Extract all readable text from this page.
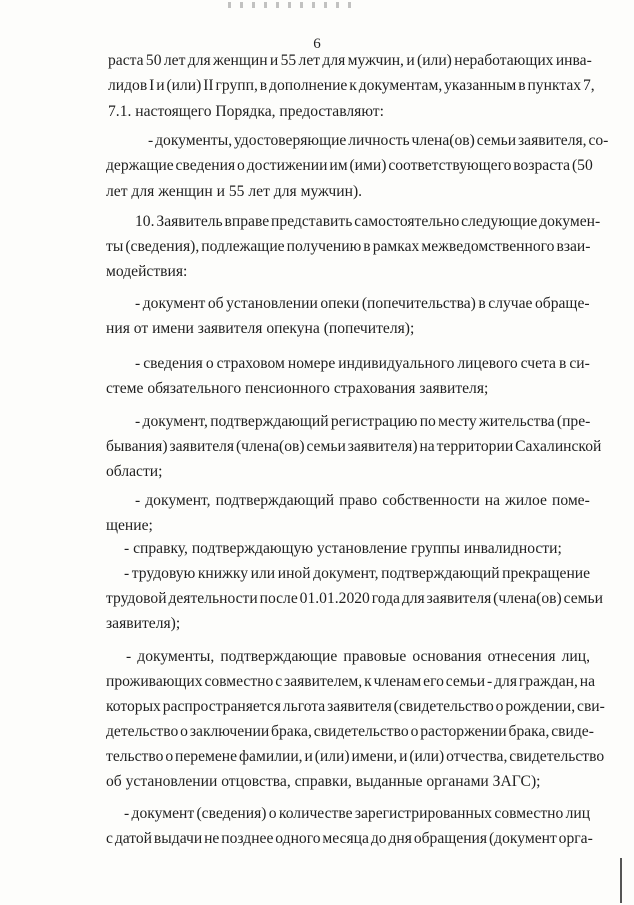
6
раста 50 лет для женщин и 55 лет для мужчин, и (или) неработающих инва-
лидов I и (или) II групп, в дополнение к документам, указанным в пунктах 7,
7.1. настоящего Порядка, предоставляют:
- документы, удостоверяющие личность члена(ов) семьи заявителя, со-
держащие сведения о достижении им (ими) соответствующего возраста (50
лет для женщин и 55 лет для мужчин).
10. Заявитель вправе представить самостоятельно следующие докумен-
ты (сведения), подлежащие получению в рамках межведомственного взаи-
модействия:
- документ об установлении опеки (попечительства) в случае обраще-
ния от имени заявителя опекуна (попечителя);
- сведения о страховом номере индивидуального лицевого счета в си-
стеме обязательного пенсионного страхования заявителя;
- документ, подтверждающий регистрацию по месту жительства (пре-
бывания) заявителя (члена(ов) семьи заявителя) на территории Сахалинской
области;
- документ, подтверждающий право собственности на жилое поме-
щение;
- справку, подтверждающую установление группы инвалидности;
- трудовую книжку или иной документ, подтверждающий прекращение
трудовой деятельности после 01.01.2020 года для заявителя (члена(ов) семьи
заявителя);
- документы, подтверждающие правовые основания отнесения лиц,
проживающих совместно с заявителем, к членам его семьи - для граждан, на
которых распространяется льгота заявителя (свидетельство о рождении, сви-
детельство о заключении брака, свидетельство о расторжении брака, свиде-
тельство о перемене фамилии, и (или) имени, и (или) отчества, свидетельство
об установлении отцовства, справки, выданные органами ЗАГС);
- документ (сведения) о количестве зарегистрированных совместно лиц
с датой выдачи не позднее одного месяца до дня обращения (документ орга-
